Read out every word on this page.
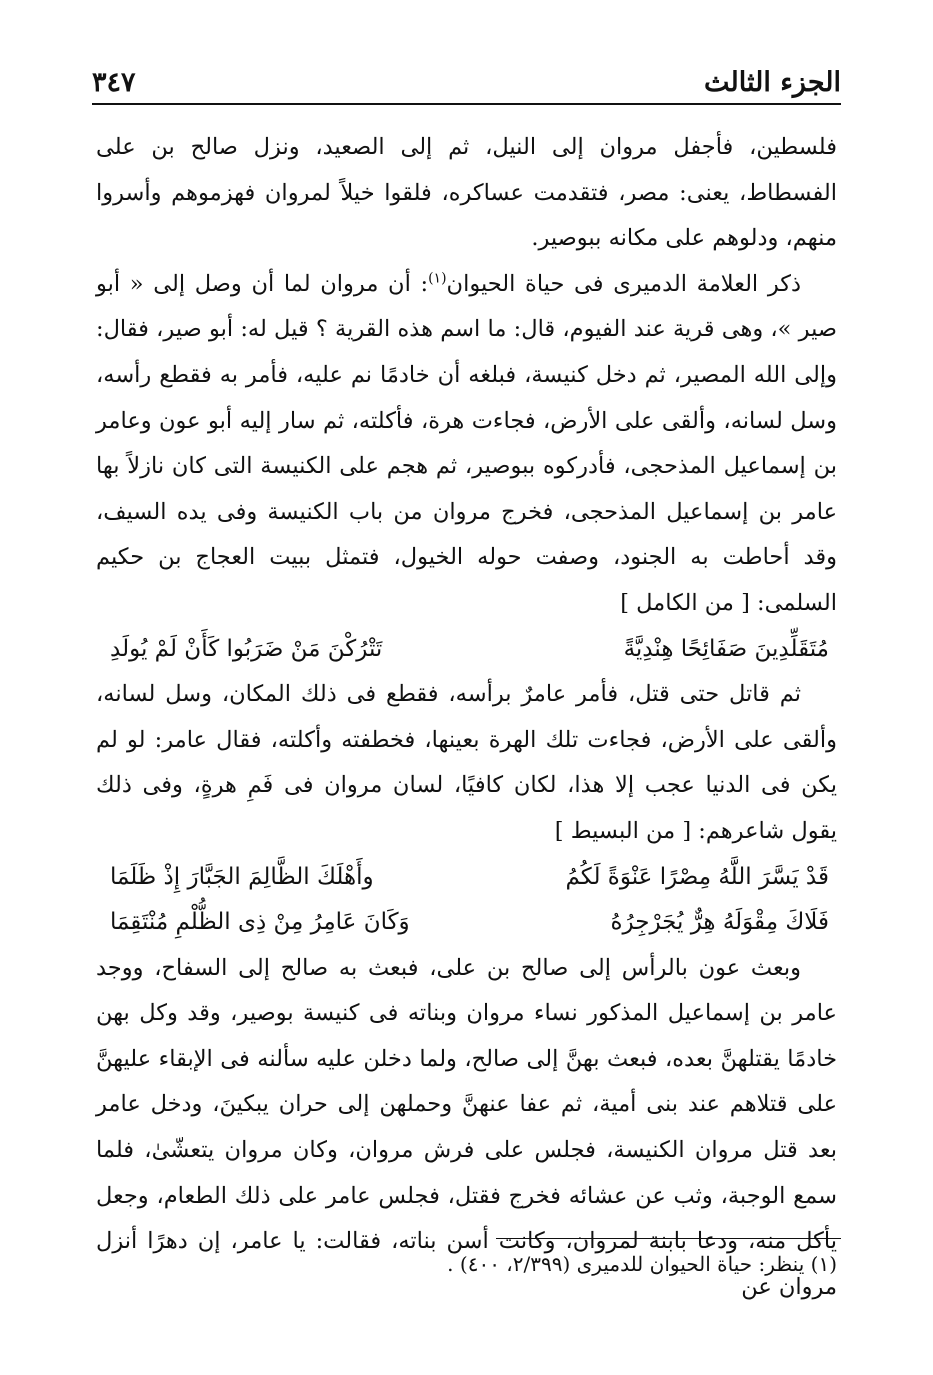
الجزء الثالث
٣٤٧

فلسطين، فأجفل مروان إلى النيل، ثم إلى الصعيد، ونزل صالح بن على الفسطاط، يعنى: مصر، فتقدمت عساكره، فلقوا خيلاً لمروان فهزموهم وأسروا منهم، ودلوهم على مكانه ببوصير.

ذكر العلامة الدميرى فى حياة الحيوان$^{(١)}$: أن مروان لما أن وصل إلى « أبو صير »، وهى قرية عند الفيوم، قال: ما اسم هذه القرية ؟ قيل له: أبو صير، فقال: وإلى الله المصير، ثم دخل كنيسة، فبلغه أن خادمًا نم عليه، فأمر به فقطع رأسه، وسل لسانه، وألقى على الأرض، فجاءت هرة، فأكلته، ثم سار إليه أبو عون وعامر بن إسماعيل المذحجى، فأدركوه ببوصير، ثم هجم على الكنيسة التى كان نازلاً بها عامر بن إسماعيل المذحجى، فخرج مروان من باب الكنيسة وفى يده السيف، وقد أحاطت به الجنود، وصفت حوله الخيول، فتمثل ببيت العجاج بن حكيم السلمى: [ من الكامل ]

مُتَقَلِّدِينَ صَفَائِحًا هِنْدِيَّةً
تَتْرُكْنَ مَنْ ضَرَبُوا كَأَنْ لَمْ يُولَدِ

ثم قاتل حتى قتل، فأمر عامرٌ برأسه، فقطع فى ذلك المكان، وسل لسانه، وألقى على الأرض، فجاءت تلك الهرة بعينها، فخطفته وأكلته، فقال عامر: لو لم يكن فى الدنيا عجب إلا هذا، لكان كافيًا، لسان مروان فى فَمِ هرةٍ، وفى ذلك يقول شاعرهم: [ من البسيط ]

قَدْ يَسَّرَ اللَّهُ مِصْرًا عَنْوَةً لَكُمُ
وأَهْلَكَ الظَّالِمَ الجَبَّارَ إِذْ ظَلَمَا
فَلَاكَ مِقْوَلَهُ هِرٌّ يُجَرْجِرُهُ
وَكَانَ عَامِرُ مِنْ ذِى الظُّلْمِ مُنْتَقِمَا

وبعث عون بالرأس إلى صالح بن على، فبعث به صالح إلى السفاح، ووجد عامر بن إسماعيل المذكور نساء مروان وبناته فى كنيسة بوصير، وقد وكل بهن خادمًا يقتلهنَّ بعده، فبعث بهنَّ إلى صالح، ولما دخلن عليه سألنه فى الإبقاء عليهنَّ على قتلاهم عند بنى أمية، ثم عفا عنهنَّ وحملهن إلى حران يبكينَ، ودخل عامر بعد قتل مروان الكنيسة، فجلس على فرش مروان، وكان مروان يتعشّىٰ، فلما سمع الوجبة، وثب عن عشائه فخرج فقتل، فجلس عامر على ذلك الطعام، وجعل يأكل منه، ودعا بابنة لمروان، وكانت أسن بناته، فقالت: يا عامر، إن دهرًا أنزل مروان عن

(١) ينظر: حياة الحيوان للدميرى (٢/٣٩٩، ٤٠٠) .
